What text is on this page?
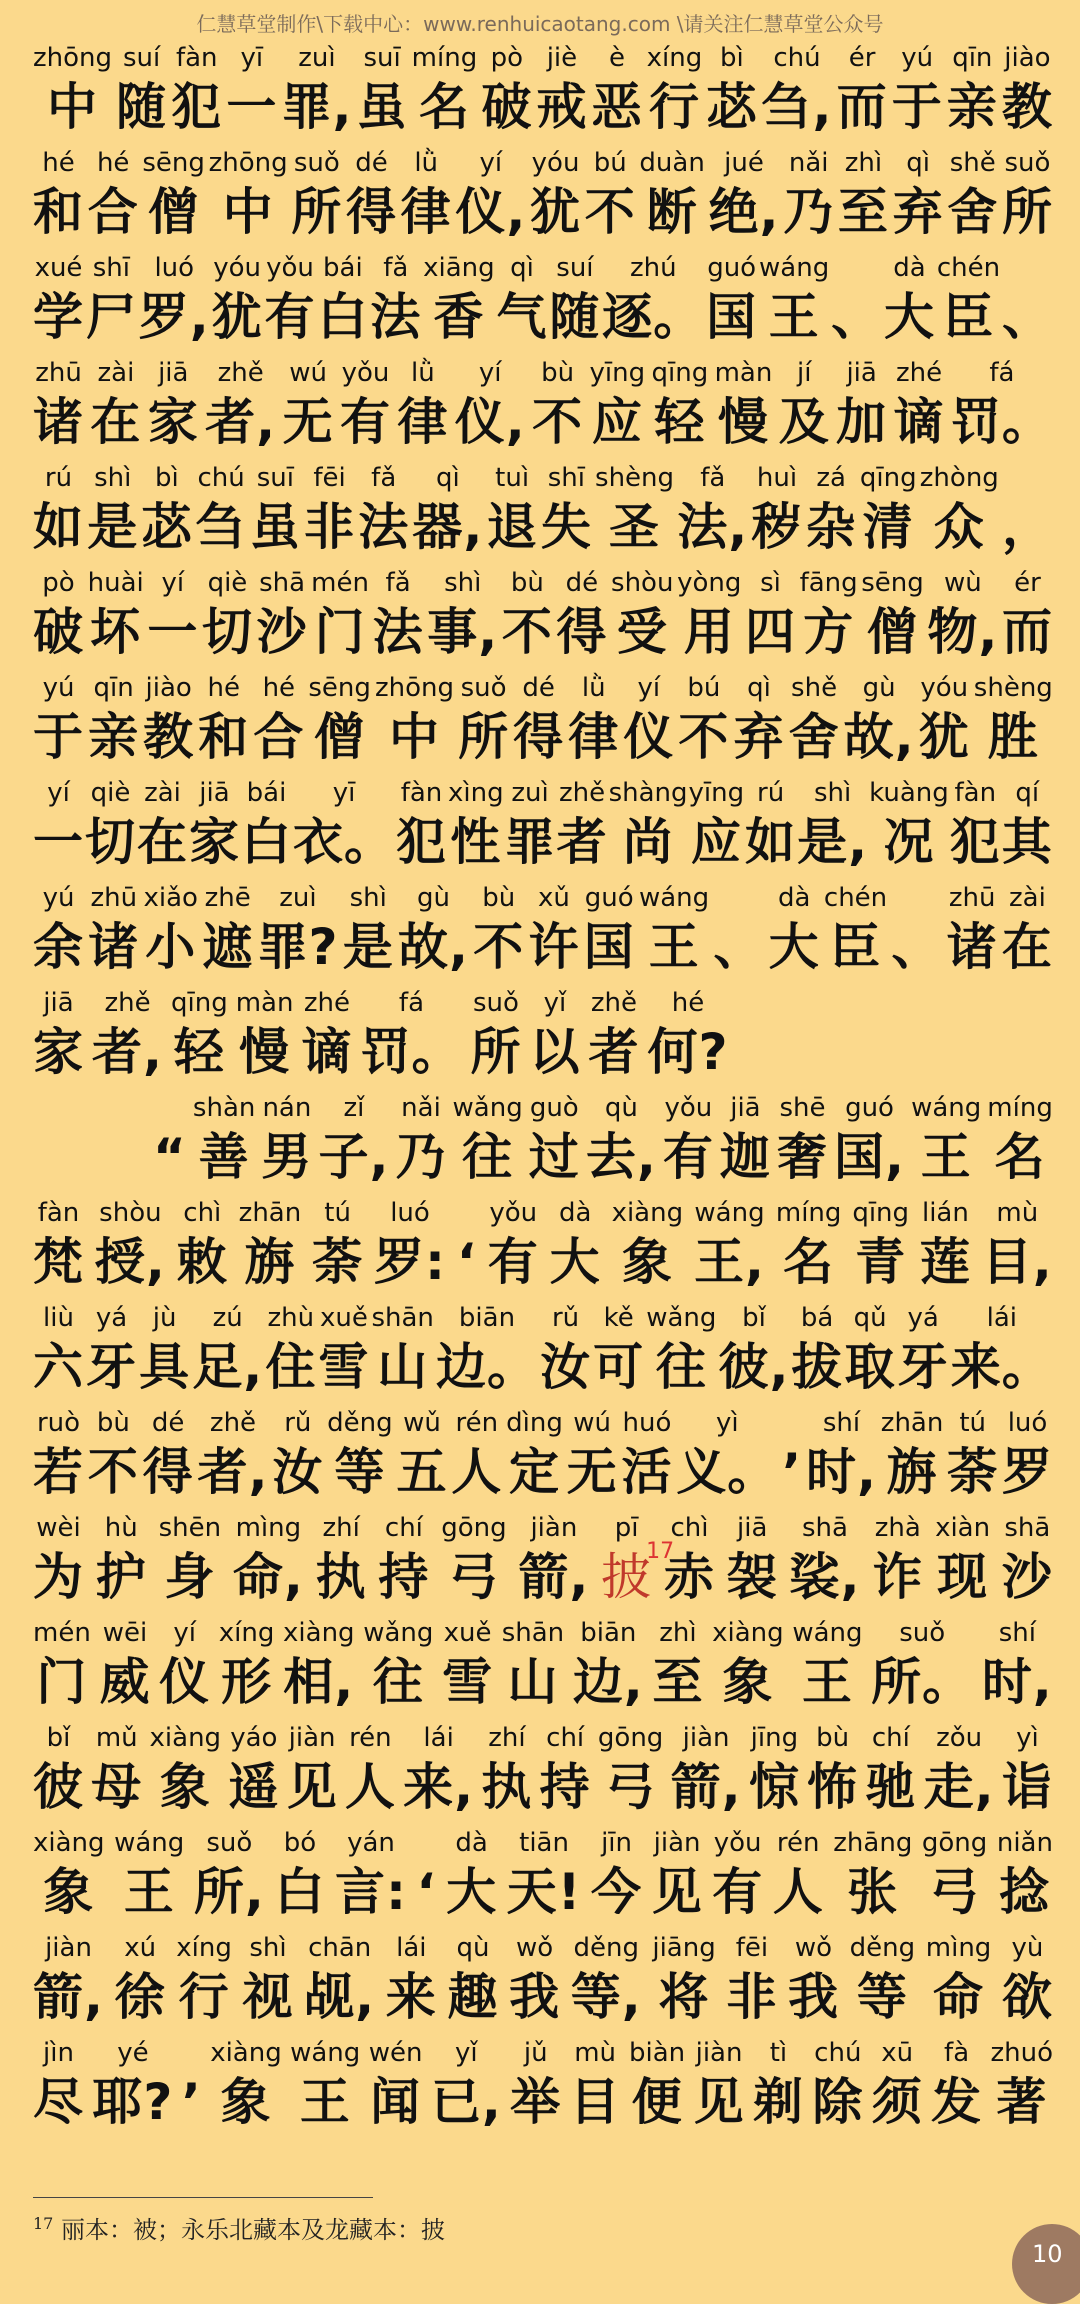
仁慧草堂制作\下载中心：www.renhuicaotang.com \请关注仁慧草堂公众号
zhōng
中
suí
随
fàn
犯
yī
一
zuì
罪,
suī
虽
míng
名
pò
破
jiè
戒
è
恶
xíng
行
bì
苾
chú
刍,
ér
而
yú
于
qīn
亲
jiào
教
hé
和
hé
合
sēng
僧
zhōng
中
suǒ
所
dé
得
lǜ
律
yí
仪,
yóu
犹
bú
不
duàn
断
jué
绝,
nǎi
乃
zhì
至
qì
弃
shě
舍
suǒ
所
xué
学
shī
尸
luó
罗,
yóu
犹
yǒu
有
bái
白
fǎ
法
xiāng
香
qì
气
suí
随
zhú
逐。
guó
国
wáng
王 、
dà
大
chén
臣 、
zhū
诸
zài
在
jiā
家
zhě
者,
wú
无
yǒu
有
lǜ
律
yí
仪,
bù
不
yīng
应
qīng
轻
màn
慢
jí
及
jiā
加
zhé
谪
fá
罚。
rú
如
shì
是
bì
苾
chú
刍
suī
虽
fēi
非
fǎ
法
qì
器,
tuì
退
shī
失
shèng
圣
fǎ
法,
huì
秽
zá
杂
qīng
清
zhòng
众 ，
pò
破
huài
坏
yí
一
qiè
切
shā
沙
mén
门
fǎ
法
shì
事,
bù
不
dé
得
shòu
受
yòng
用
sì
四
fāng
方
sēng
僧
wù
物,
ér
而
yú
于
qīn
亲
jiào
教
hé
和
hé
合
sēng
僧
zhōng
中
suǒ
所
dé
得
lǜ
律
yí
仪
bú
不
qì
弃
shě
舍
gù
故,
yóu
犹
shèng
胜
yí
一
qiè
切
zài
在
jiā
家
bái
白
yī
衣。
fàn
犯
xìng
性
zuì
罪
zhě
者
shàng
尚
yīng
应
rú
如
shì
是,
kuàng
况
fàn
犯
qí
其
yú
余
zhū
诸
xiǎo
小
zhē
遮
zuì
罪?
shì
是
gù
故,
bù
不
xǔ
许
guó
国
wáng
王 、
dà
大
chén
臣 、
zhū
诸
zài
在
jiā
家
zhě
者,
qīng
轻
màn
慢
zhé
谪
fá
罚。
suǒ
所
yǐ
以
zhě
者
hé
何?
“
shàn
善
nán
男
zǐ
子,
nǎi
乃
wǎng
往
guò
过
qù
去,
yǒu
有
jiā
迦
shē
奢
guó
国,
wáng
王
míng
名
fàn
梵
shòu
授,
chì
敕
zhān
旃
tú
荼
luó
罗: ‘
yǒu
有
dà
大
xiàng
象
wáng
王,
míng
名
qīng
青
lián
莲
mù
目,
liù
六
yá
牙
jù
具
zú
足,
zhù
住
xuě
雪
shān
山
biān
边。
rǔ
汝
kě
可
wǎng
往
bǐ
彼,
bá
拔
qǔ
取
yá
牙
lái
来。
ruò
若
bù
不
dé
得
zhě
者,
rǔ
汝
děng
等
wǔ
五
rén
人
dìng
定
wú
无
huó
活
yì
义。 ’
shí
时,
zhān
旃
tú
荼
luó
罗
wèi
为
hù
护
shēn
身
mìng
命,
zhí
执
chí
持
gōng
弓
jiàn
箭,
pī
披
17
chì
赤
jiā
袈
shā
裟,
zhà
诈
xiàn
现
shā
沙
mén
门
wēi
威
yí
仪
xíng
形
xiàng
相,
wǎng
往
xuě
雪
shān
山
biān
边,
zhì
至
xiàng
象
wáng
王
suǒ
所。
shí
时,
bǐ
彼
mǔ
母
xiàng
象
yáo
遥
jiàn
见
rén
人
lái
来,
zhí
执
chí
持
gōng
弓
jiàn
箭,
jīng
惊
bù
怖
chí
驰
zǒu
走,
yì
诣
xiàng
象
wáng
王
suǒ
所,
bó
白
yán
言: ‘
dà
大
tiān
天!
jīn
今
jiàn
见
yǒu
有
rén
人
zhāng
张
gōng
弓
niǎn
捻
jiàn
箭,
xú
徐
xíng
行
shì
视
chān
觇,
lái
来
qù
趣
wǒ
我
děng
等,
jiāng
将
fēi
非
wǒ
我
děng
等
mìng
命
yù
欲
jìn
尽
yé
耶? ’
xiàng
象
wáng
王
wén
闻
yǐ
已,
jǔ
举
mù
目
biàn
便
jiàn
见
tì
剃
chú
除
xū
须
fà
发
zhuó
著
$^{17}$ 丽本：被；永乐北藏本及龙藏本：披
10
